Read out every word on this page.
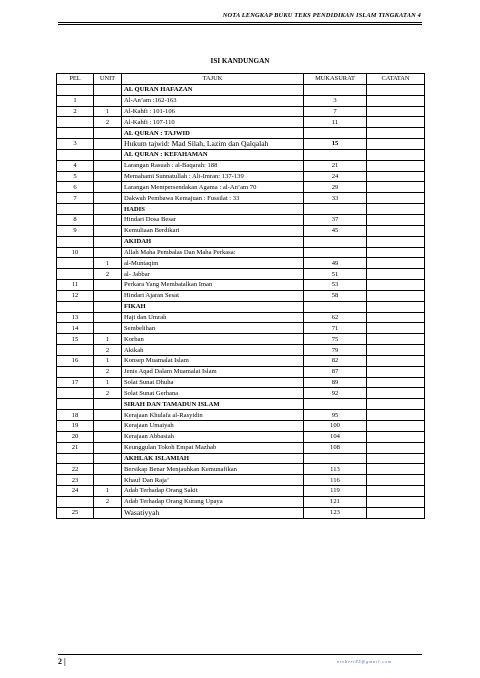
NOTA LENGKAP BUKU TEKS PENDIDIKAN ISLAM TINGKATAN 4
ISI KANDUNGAN
PEL	UNIT	TAJUK	MUKASURAT	CATATAN
		AL QURAN HAFAZAN		
1		Al-An’am :162-163	3	
2	1	Al-Kahfi : 101-106	7	
	2	Al-Kahfi : 107-110	11	
		AL QURAN : TAJWID		
3		Hukum tajwid: Mad Silah, Lazim dan Qalqalah	15	
		AL QURAN : KEFAHAMAN		
4		Larangan Rasuah : al-Baqarah: 188	21	
5		Memahami Sunnatullah : Ali-Imran: 137-139	24	
6		Larangan Mempersendakan Agama : al-An’am 70	29	
7		Dakwah Pembawa Kemajuan : Fussilat : 33	33	
		HADIS		
8		Hindari Dosa Besar	37	
9		Kemuliaan Berdikari	45	
		AKIDAH		
10		Allah Maha Pembalas Dan Maha Perkasa:		
	1	al-Muntaqim	49	
	2	al- Jabbar	51	
11		Perkara Yang Membatalkan Iman	53	
12		Hindari Ajaran Sesat	58	
		FIKAH		
13		Haji dan Umrah	62	
14		Sembelihan	71	
15	1	Korban	75	
	2	Akikah	79	
16	1	Konsep Muamalat Islam	82	
	2	Jenis Aqad Dalam Muamalat Islam	87	
17	1	Solat Sunat Dhuha	89	
	2	Solat Sunat Gerhana	92	
		SIRAH DAN TAMADUN ISLAM		
18		Kerajaan Khulafa al-Rasyidin	95	
19		Kerajaan Umaiyah	100	
20		Kerajaan Abbasiah	104	
21		Keunggulan Tokoh Empat Mazhab	108	
		AKHLAK ISLAMIAH		
22		Bersikap Benar Menjauhkan Kemunafikan	113	
23		Khauf Dan Raja’	116	
24	1	Adab Terhadap Orang Sakit	119	
	2	Adab Terhadap Orang Kurang Upaya	121	
25		Wasatiyyah	123	
2 |	nrobert85@gmail.com
